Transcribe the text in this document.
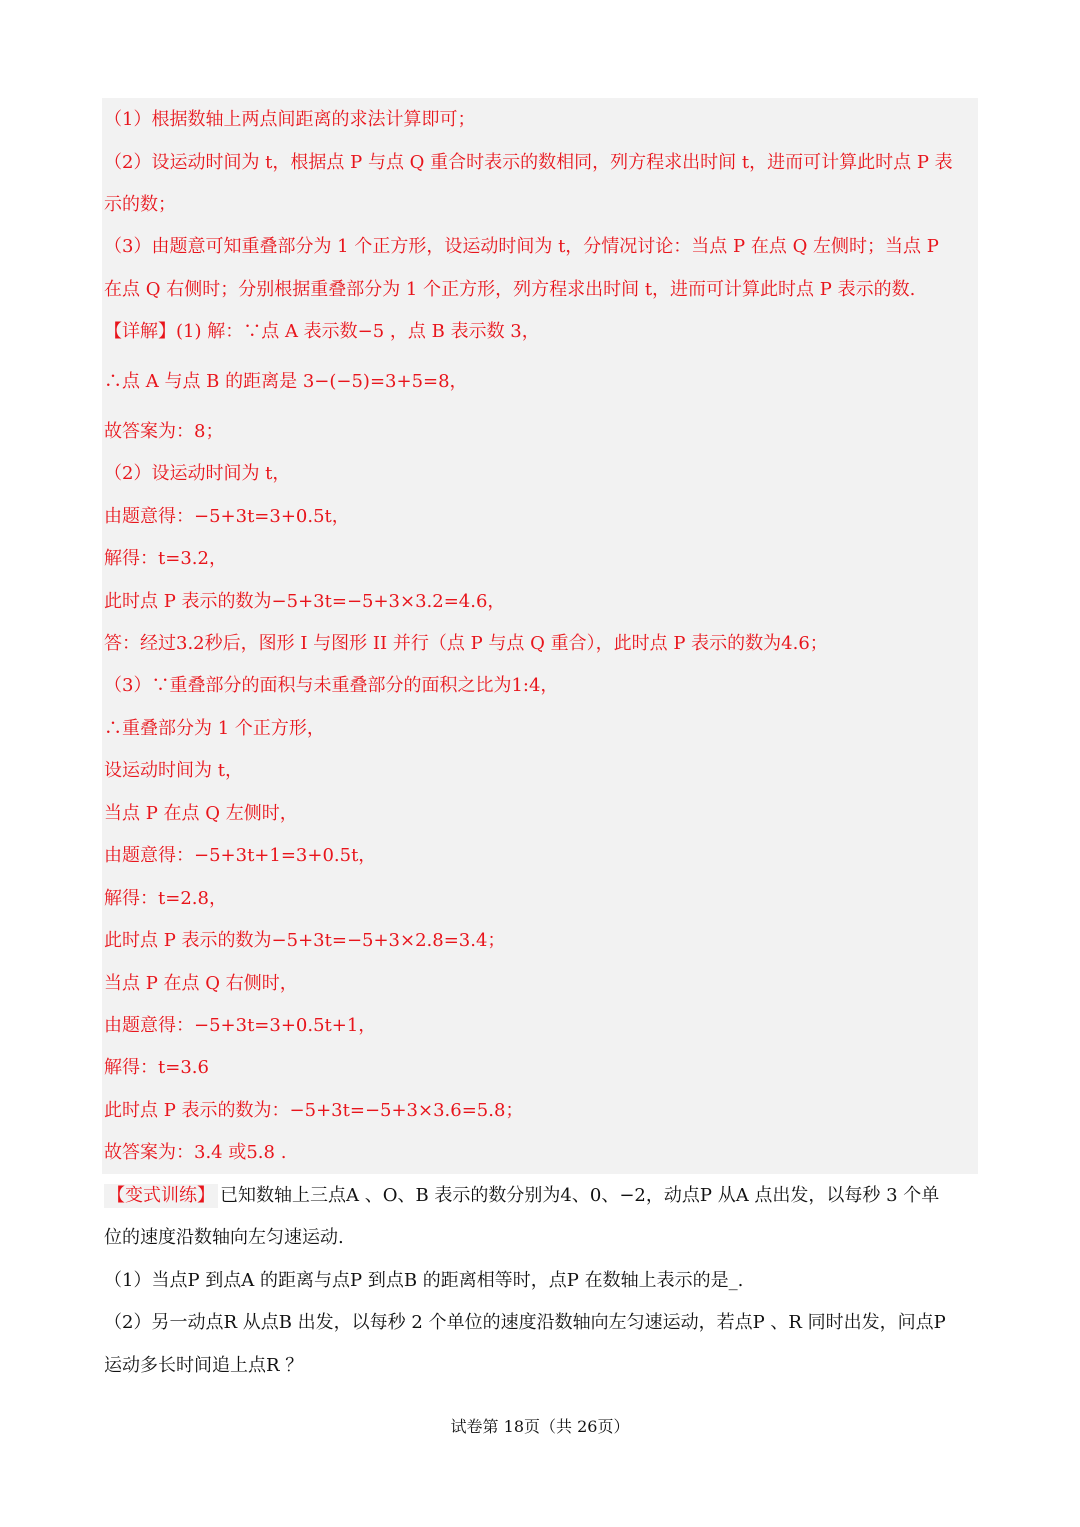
（1）根据数轴上两点间距离的求法计算即可；
（2）设运动时间为 t，根据点 P 与点 Q 重合时表示的数相同，列方程求出时间 t，进而可计算此时点 P 表
示的数；
（3）由题意可知重叠部分为 1 个正方形，设运动时间为 t，分情况讨论：当点 P 在点 Q 左侧时；当点 P
在点 Q 右侧时；分别根据重叠部分为 1 个正方形，列方程求出时间 t，进而可计算此时点 P 表示的数.
【详解】(1) 解：∵点 A 表示数−5 ，点 B 表示数 3，
∴点 A 与点 B 的距离是 3−(−5)=3+5=8，
故答案为：8；
（2）设运动时间为 t，
由题意得：−5+3t=3+0.5t，
解得：t=3.2，
此时点 P 表示的数为−5+3t=−5+3×3.2=4.6，
答：经过3.2秒后，图形 I 与图形 II 并行（点 P 与点 Q 重合），此时点 P 表示的数为4.6；
（3）∵重叠部分的面积与未重叠部分的面积之比为1:4，
∴重叠部分为 1 个正方形，
设运动时间为 t，
当点 P 在点 Q 左侧时，
由题意得：−5+3t+1=3+0.5t，
解得：t=2.8，
此时点 P 表示的数为−5+3t=−5+3×2.8=3.4；
当点 P 在点 Q 右侧时，
由题意得：−5+3t=3+0.5t+1，
解得：t=3.6
此时点 P 表示的数为：−5+3t=−5+3×3.6=5.8；
故答案为：3.4 或5.8 .
【变式训练】 已知数轴上三点A 、O、B 表示的数分别为4、0、−2，动点P 从A 点出发，以每秒 3 个单
位的速度沿数轴向左匀速运动.
（1）当点P 到点A 的距离与点P 到点B 的距离相等时，点P 在数轴上表示的是_.
（2）另一动点R 从点B 出发，以每秒 2 个单位的速度沿数轴向左匀速运动，若点P 、R 同时出发，问点P
运动多长时间追上点R ？
试卷第 18页（共 26页）
